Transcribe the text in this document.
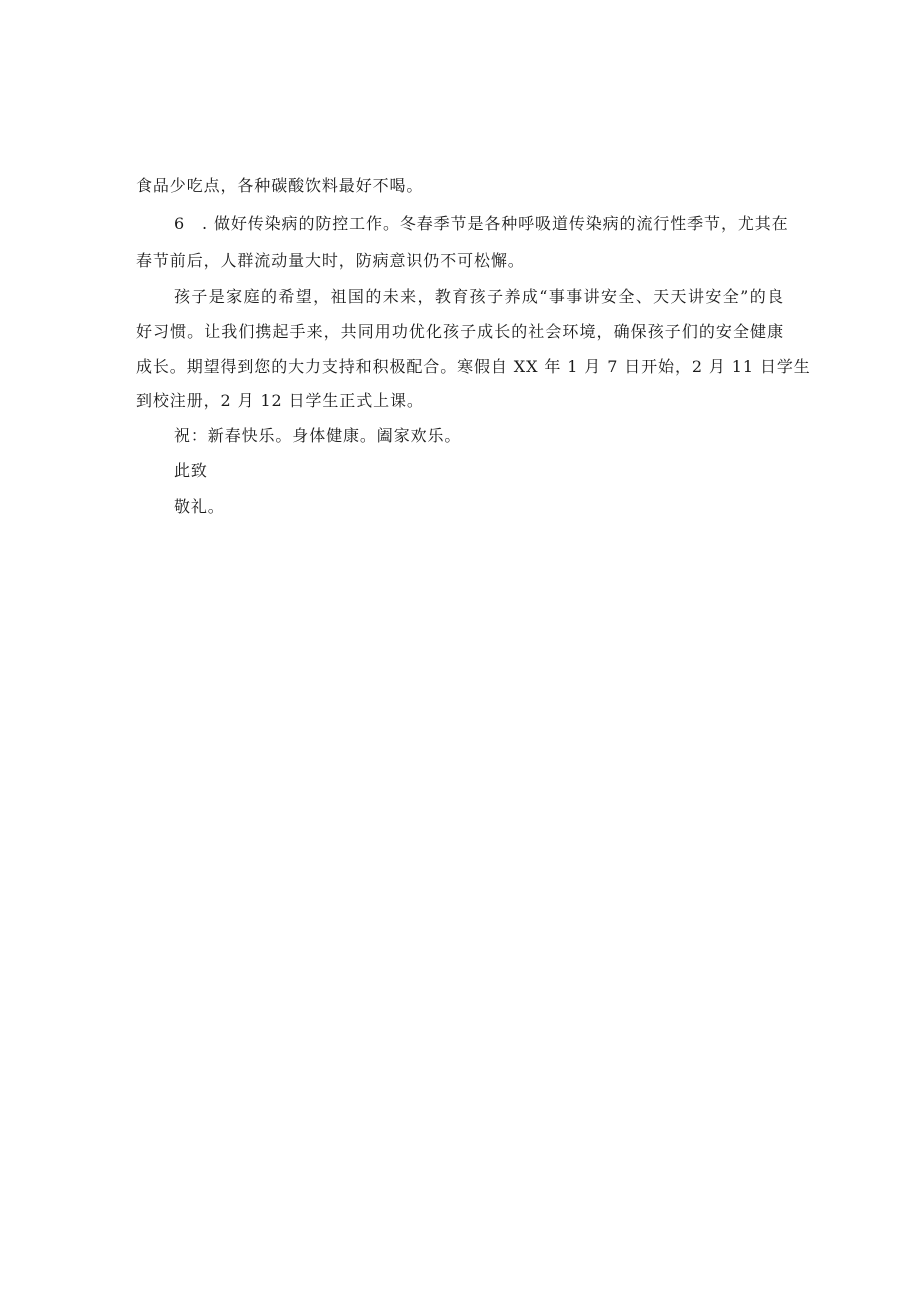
食品少吃点，各种碳酸饮料最好不喝。
6　. 做好传染病的防控工作。冬春季节是各种呼吸道传染病的流行性季节，尤其在
春节前后，人群流动量大时，防病意识仍不可松懈。
孩子是家庭的希望，祖国的未来，教育孩子养成“事事讲安全、天天讲安全”的良
好习惯。让我们携起手来，共同用功优化孩子成长的社会环境，确保孩子们的安全健康
成长。期望得到您的大力支持和积极配合。寒假自 XX 年 1 月 7 日开始，2 月 11 日学生
到校注册，2 月 12 日学生正式上课。
祝：新春快乐。身体健康。阖家欢乐。
此致
敬礼。
